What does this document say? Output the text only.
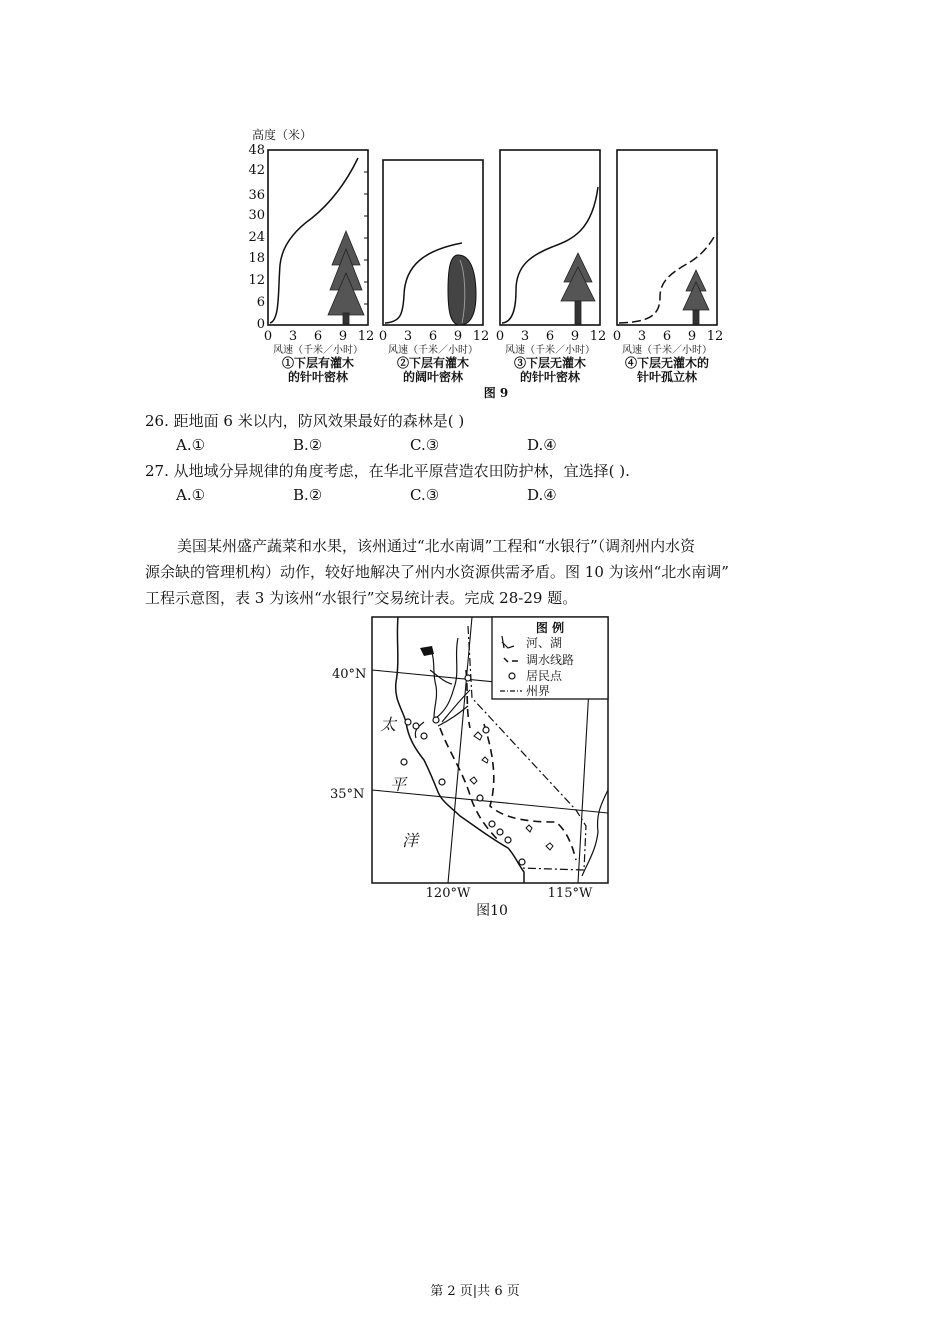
高度（米）
48
42
36
30
24
18
12
6
0
0 3 6 9 12 0 3 6 9 12 0 3 6 9 12 0 3 6 9 12
风速（千米／小时）	风速（千米／小时）	风速（千米／小时）	风速（千米／小时）
①下层有灌木
的针叶密林
②下层有灌木
的阔叶密林
③下层无灌木
的针叶密林
④下层无灌木的
针叶孤立林
图 9
26. 距地面 6 米以内，防风效果最好的森林是( )
A.①	B.②	C.③	D.④
27. 从地域分异规律的角度考虑，在华北平原营造农田防护林，宜选择( ).
A.①	B.②	C.③	D.④
美国某州盛产蔬菜和水果，该州通过“北水南调”工程和“水银行”（调剂州内水资
源余缺的管理机构）动作，较好地解决了州内水资源供需矛盾。图 10 为该州“北水南调”
工程示意图，表 3 为该州“水银行”交易统计表。完成 28-29 题。
40°N
35°N
120°W	115°W
太
平
洋
图 例
河、湖
调水线路
居民点
州界
图10
第 2 页|共 6 页
